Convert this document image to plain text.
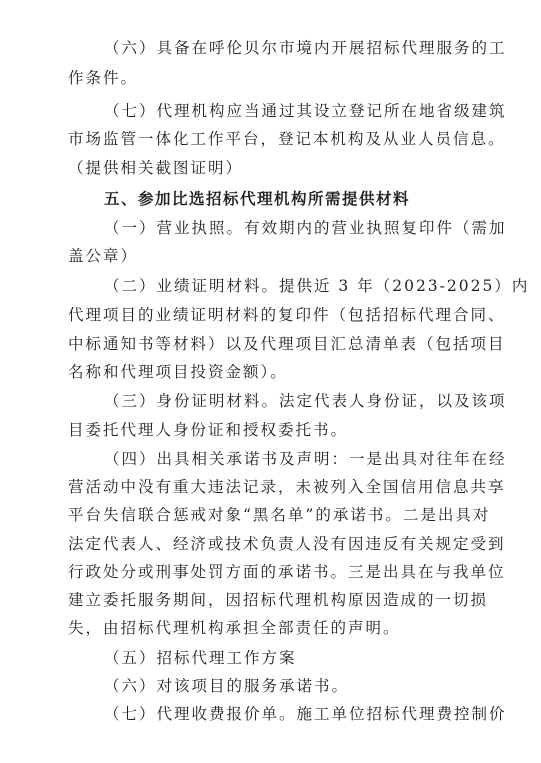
（六）具备在呼伦贝尔市境内开展招标代理服务的工
作条件。
（七）代理机构应当通过其设立登记所在地省级建筑
市场监管一体化工作平台，登记本机构及从业人员信息。
（提供相关截图证明）
五、参加比选招标代理机构所需提供材料
（一）营业执照。有效期内的营业执照复印件（需加
盖公章）
（二）业绩证明材料。提供近 3 年（2023-2025）内
代理项目的业绩证明材料的复印件（包括招标代理合同、
中标通知书等材料）以及代理项目汇总清单表（包括项目
名称和代理项目投资金额）。
（三）身份证明材料。法定代表人身份证，以及该项
目委托代理人身份证和授权委托书。
（四）出具相关承诺书及声明：一是出具对往年在经
营活动中没有重大违法记录，未被列入全国信用信息共享
平台失信联合惩戒对象“黑名单”的承诺书。二是出具对
法定代表人、经济或技术负责人没有因违反有关规定受到
行政处分或刑事处罚方面的承诺书。三是出具在与我单位
建立委托服务期间，因招标代理机构原因造成的一切损
失，由招标代理机构承担全部责任的声明。
（五）招标代理工作方案
（六）对该项目的服务承诺书。
（七）代理收费报价单。施工单位招标代理费控制价
